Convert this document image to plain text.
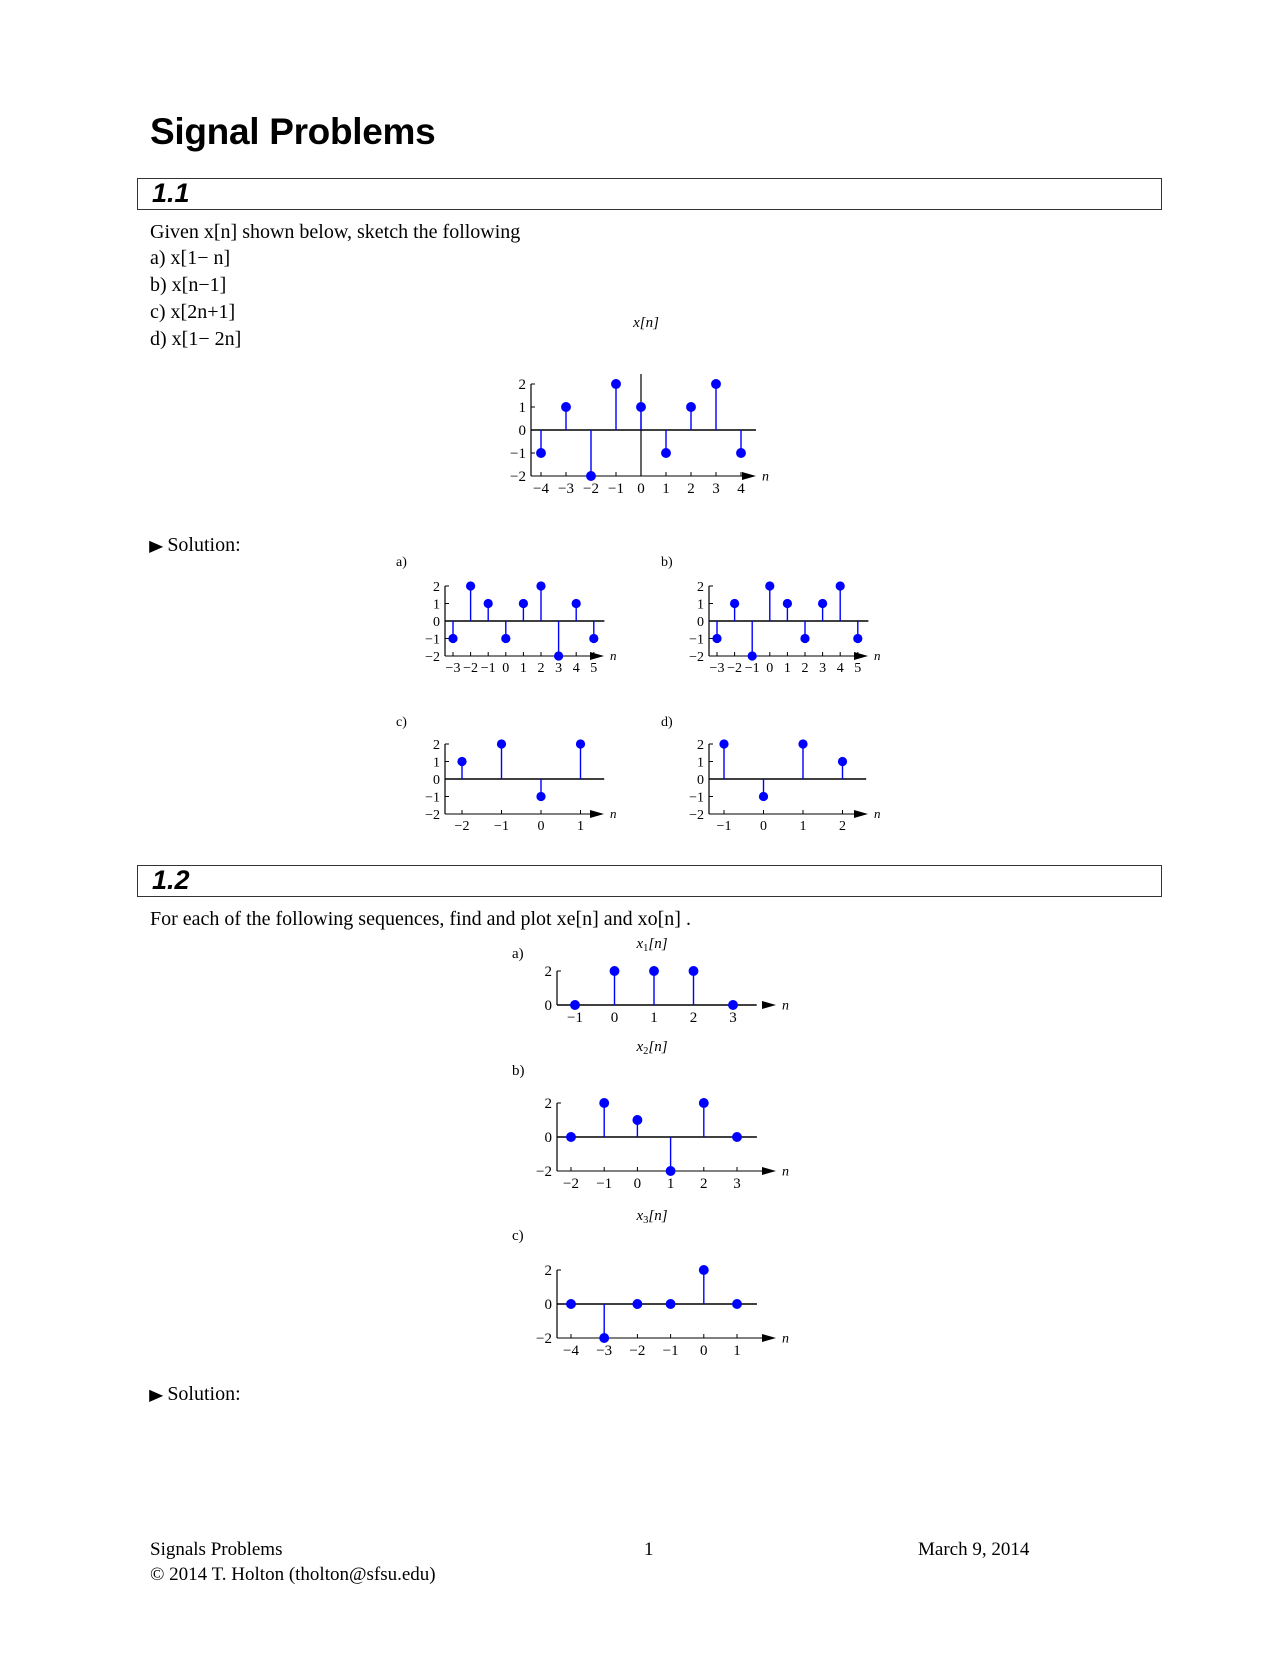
Signal Problems
1.1
Given x[n] shown below, sketch the following
a) x[1− n]
b) x[n−1]
c) x[2n+1]
d) x[1− 2n]
2
1
0
−1
−2	n
−4 −3 −2 −1 0 1 2 3 4
x[n]
▶ Solution:
2
1
0
−1
−2	n
−3 −2 −1 0 1 2 3 4 5
a)
2
1
0
−1
−2	n
−3 −2 −1 0 1 2 3 4 5
b)
2
1
0
−1
−2	n
−2 −1 0 1
c)
2
1
0
−1
−2	n
−1 0 1 2
d)
1.2
For each of the following sequences, find and plot xe[n] and xo[n] .
2
0	n
−1 0 1 2 3
a)
$x_1[n]$
2
0
−2	n
−2 −1 0 1 2 3
b)
$x_2[n]$
2
0
−2	n
−4 −3 −2 −1 0 1
c)
$x_3[n]$
▶ Solution:
Signals Problems
© 2014 T. Holton (tholton@sfsu.edu)
1	March 9, 2014
